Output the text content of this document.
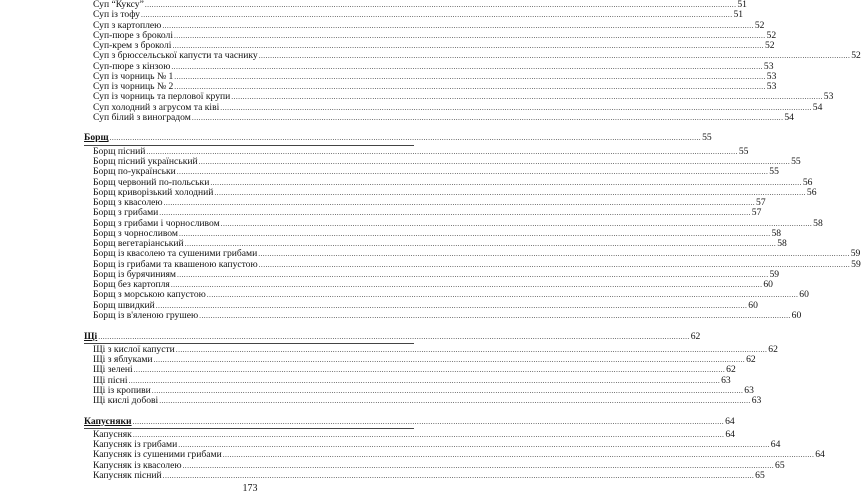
Суп “Куксу” .................................................................................................................................................................................................................................................................... 51
Суп із тофу .................................................................................................................................................................................................................................................................... 51
Суп з картоплею .................................................................................................................................................................................................................................................................... 52
Суп-пюре з броколі .................................................................................................................................................................................................................................................................... 52
Суп-крем з броколі .................................................................................................................................................................................................................................................................... 52
Суп з брюссельської капусти та часнику .................................................................................................................................................................................................................................................................... 52
Суп-пюре з кінзою .................................................................................................................................................................................................................................................................... 53
Суп із чорниць № 1 .................................................................................................................................................................................................................................................................... 53
Суп із чорниць № 2 .................................................................................................................................................................................................................................................................... 53
Суп із чорниць та перлової крупи .................................................................................................................................................................................................................................................................... 53
Суп холодний з агрусом та ківі .................................................................................................................................................................................................................................................................... 54
Суп білий з виноградом .................................................................................................................................................................................................................................................................... 54
Борщ .................................................................................................................................................................................................................................................................... 55
Борщ пісний .................................................................................................................................................................................................................................................................... 55
Борщ пісний український .................................................................................................................................................................................................................................................................... 55
Борщ по-українськи .................................................................................................................................................................................................................................................................... 55
Борщ червоний по-польськи .................................................................................................................................................................................................................................................................... 56
Борщ криворізький холодний .................................................................................................................................................................................................................................................................... 56
Борщ з квасолею .................................................................................................................................................................................................................................................................... 57
Борщ з грибами .................................................................................................................................................................................................................................................................... 57
Борщ з грибами і чорносливом .................................................................................................................................................................................................................................................................... 58
Борщ з чорносливом .................................................................................................................................................................................................................................................................... 58
Борщ вегетаріанський .................................................................................................................................................................................................................................................................... 58
Борщ із квасолею та сушеними грибами .................................................................................................................................................................................................................................................................... 59
Борщ із грибами та квашеною капустою .................................................................................................................................................................................................................................................................... 59
Борщ із бурячиниям .................................................................................................................................................................................................................................................................... 59
Борщ без картопля .................................................................................................................................................................................................................................................................... 60
Борщ з морською капустою .................................................................................................................................................................................................................................................................... 60
Борщ швидкий .................................................................................................................................................................................................................................................................... 60
Борщ із в'яленою грушею .................................................................................................................................................................................................................................................................... 60
Щі .................................................................................................................................................................................................................................................................... 62
Щі з кислої капусти .................................................................................................................................................................................................................................................................... 62
Щі з яблуками .................................................................................................................................................................................................................................................................... 62
Щі зелені .................................................................................................................................................................................................................................................................... 62
Щі пісні .................................................................................................................................................................................................................................................................... 63
Щі із кропиви .................................................................................................................................................................................................................................................................... 63
Щі кислі добові .................................................................................................................................................................................................................................................................... 63
Капусняки .................................................................................................................................................................................................................................................................... 64
Капусняк .................................................................................................................................................................................................................................................................... 64
Капусняк із грибами .................................................................................................................................................................................................................................................................... 64
Капусняк із сушеними грибами .................................................................................................................................................................................................................................................................... 64
Капусняк із квасолею .................................................................................................................................................................................................................................................................... 65
Капусняк пісний .................................................................................................................................................................................................................................................................... 65
173
